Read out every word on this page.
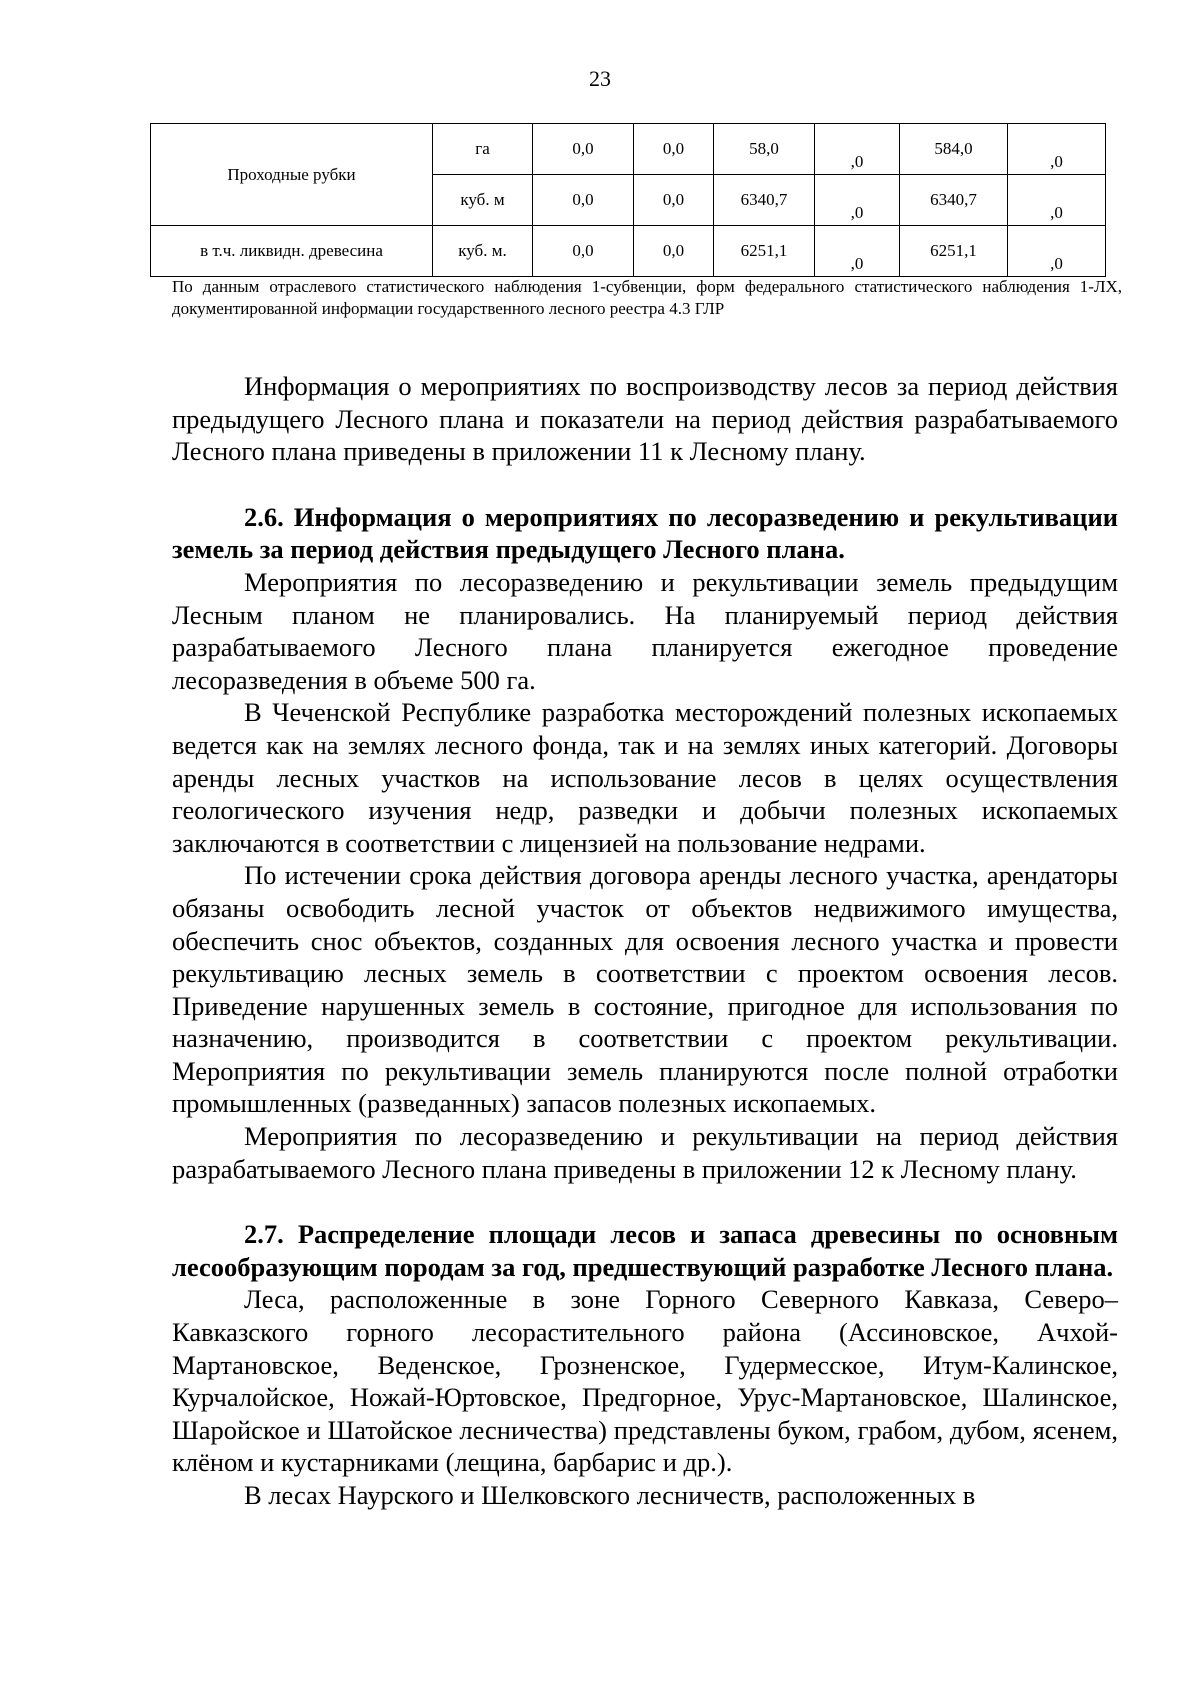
23
Проходные рубки	га	0,0	0,0	58,0	,0	584,0	,0
	куб. м	0,0	0,0	6340,7	,0	6340,7	,0
в т.ч. ликвидн. древесина	куб. м.	0,0	0,0	6251,1	,0	6251,1	,0
По данным отраслевого статистического наблюдения 1-субвенции, форм федерального статистического наблюдения 1-ЛХ, документированной информации государственного лесного реестра 4.3 ГЛР

Информация о мероприятиях по воспроизводству лесов за период действия предыдущего Лесного плана и показатели на период действия разрабатываемого Лесного плана приведены в приложении 11 к Лесному плану.

2.6. Информация о мероприятиях по лесоразведению и рекультивации земель за период действия предыдущего Лесного плана.

Мероприятия по лесоразведению и рекультивации земель предыдущим Лесным планом не планировались. На планируемый период действия разрабатываемого Лесного плана планируется ежегодное проведение лесоразведения в объеме 500 га.

В Чеченской Республике разработка месторождений полезных ископаемых ведется как на землях лесного фонда, так и на землях иных категорий. Договоры аренды лесных участков на использование лесов в целях осуществления геологического изучения недр, разведки и добычи полезных ископаемых заключаются в соответствии с лицензией на пользование недрами.

По истечении срока действия договора аренды лесного участка, арендаторы обязаны освободить лесной участок от объектов недвижимого имущества, обеспечить снос объектов, созданных для освоения лесного участка и провести рекультивацию лесных земель в соответствии с проектом освоения лесов. Приведение нарушенных земель в состояние, пригодное для использования по назначению, производится в соответствии с проектом рекультивации. Мероприятия по рекультивации земель планируются после полной отработки промышленных (разведанных) запасов полезных ископаемых.

Мероприятия по лесоразведению и рекультивации на период действия разрабатываемого Лесного плана приведены в приложении 12 к Лесному плану.

2.7. Распределение площади лесов и запаса древесины по основным лесообразующим породам за год, предшествующий разработке Лесного плана.

Леса, расположенные в зоне Горного Северного Кавказа, Северо–Кавказского горного лесорастительного района (Ассиновское, Ачхой-Мартановское, Веденское, Грозненское, Гудермесское, Итум-Калинское, Курчалойское, Ножай-Юртовское, Предгорное, Урус-Мартановское, Шалинское, Шаройское и Шатойское лесничества) представлены буком, грабом, дубом, ясенем, клёном и кустарниками (лещина, барбарис и др.).

В лесах Наурского и Шелковского лесничеств, расположенных в
